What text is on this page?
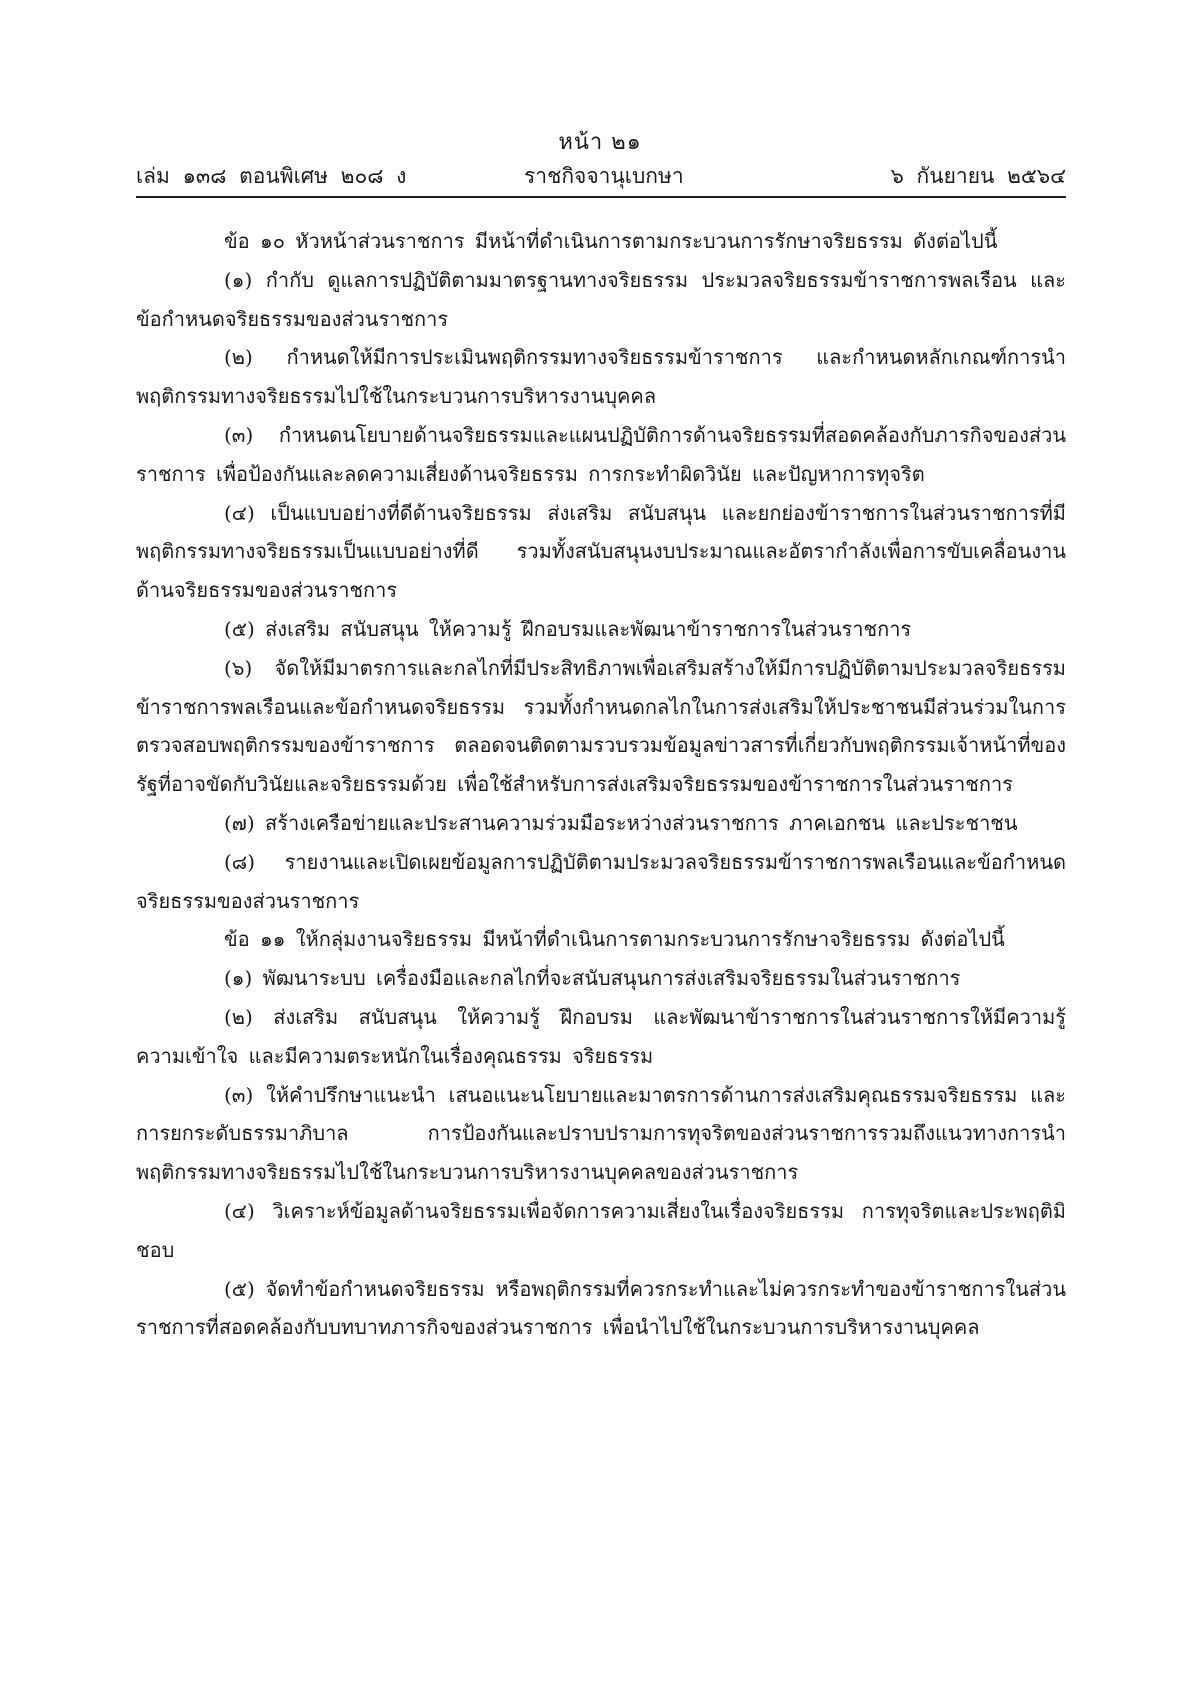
หน้า ๒๑
เล่ม ๑๓๘ ตอนพิเศษ ๒๐๘ ง	ราชกิจจานุเบกษา	๖ กันยายน ๒๕๖๔

ข้อ ๑๐ หัวหน้าส่วนราชการ มีหน้าที่ดำเนินการตามกระบวนการรักษาจริยธรรม ดังต่อไปนี้

(๑) กำกับ ดูแลการปฏิบัติตามมาตรฐานทางจริยธรรม ประมวลจริยธรรมข้าราชการพลเรือน และข้อกำหนดจริยธรรมของส่วนราชการ

(๒) กำหนดให้มีการประเมินพฤติกรรมทางจริยธรรมข้าราชการ และกำหนดหลักเกณฑ์การนำพฤติกรรมทางจริยธรรมไปใช้ในกระบวนการบริหารงานบุคคล

(๓) กำหนดนโยบายด้านจริยธรรมและแผนปฏิบัติการด้านจริยธรรมที่สอดคล้องกับภารกิจของส่วนราชการ เพื่อป้องกันและลดความเสี่ยงด้านจริยธรรม การกระทำผิดวินัย และปัญหาการทุจริต

(๔) เป็นแบบอย่างที่ดีด้านจริยธรรม ส่งเสริม สนับสนุน และยกย่องข้าราชการในส่วนราชการที่มีพฤติกรรมทางจริยธรรมเป็นแบบอย่างที่ดี รวมทั้งสนับสนุนงบประมาณและอัตรากำลังเพื่อการขับเคลื่อนงานด้านจริยธรรมของส่วนราชการ

(๕) ส่งเสริม สนับสนุน ให้ความรู้ ฝึกอบรมและพัฒนาข้าราชการในส่วนราชการ

(๖) จัดให้มีมาตรการและกลไกที่มีประสิทธิภาพเพื่อเสริมสร้างให้มีการปฏิบัติตามประมวลจริยธรรมข้าราชการพลเรือนและข้อกำหนดจริยธรรม รวมทั้งกำหนดกลไกในการส่งเสริมให้ประชาชนมีส่วนร่วมในการตรวจสอบพฤติกรรมของข้าราชการ ตลอดจนติดตามรวบรวมข้อมูลข่าวสารที่เกี่ยวกับพฤติกรรมเจ้าหน้าที่ของรัฐที่อาจขัดกับวินัยและจริยธรรมด้วย เพื่อใช้สำหรับการส่งเสริมจริยธรรมของข้าราชการในส่วนราชการ

(๗) สร้างเครือข่ายและประสานความร่วมมือระหว่างส่วนราชการ ภาคเอกชน และประชาชน

(๘) รายงานและเปิดเผยข้อมูลการปฏิบัติตามประมวลจริยธรรมข้าราชการพลเรือนและข้อกำหนดจริยธรรมของส่วนราชการ

ข้อ ๑๑ ให้กลุ่มงานจริยธรรม มีหน้าที่ดำเนินการตามกระบวนการรักษาจริยธรรม ดังต่อไปนี้

(๑) พัฒนาระบบ เครื่องมือและกลไกที่จะสนับสนุนการส่งเสริมจริยธรรมในส่วนราชการ

(๒) ส่งเสริม สนับสนุน ให้ความรู้ ฝึกอบรม และพัฒนาข้าราชการในส่วนราชการให้มีความรู้ ความเข้าใจ และมีความตระหนักในเรื่องคุณธรรม จริยธรรม

(๓) ให้คำปรึกษาแนะนำ เสนอแนะนโยบายและมาตรการด้านการส่งเสริมคุณธรรมจริยธรรม และการยกระดับธรรมาภิบาล การป้องกันและปราบปรามการทุจริตของส่วนราชการรวมถึงแนวทางการนำพฤติกรรมทางจริยธรรมไปใช้ในกระบวนการบริหารงานบุคคลของส่วนราชการ

(๔) วิเคราะห์ข้อมูลด้านจริยธรรมเพื่อจัดการความเสี่ยงในเรื่องจริยธรรม การทุจริตและประพฤติมิชอบ

(๕) จัดทำข้อกำหนดจริยธรรม หรือพฤติกรรมที่ควรกระทำและไม่ควรกระทำของข้าราชการในส่วนราชการที่สอดคล้องกับบทบาทภารกิจของส่วนราชการ เพื่อนำไปใช้ในกระบวนการบริหารงานบุคคล
